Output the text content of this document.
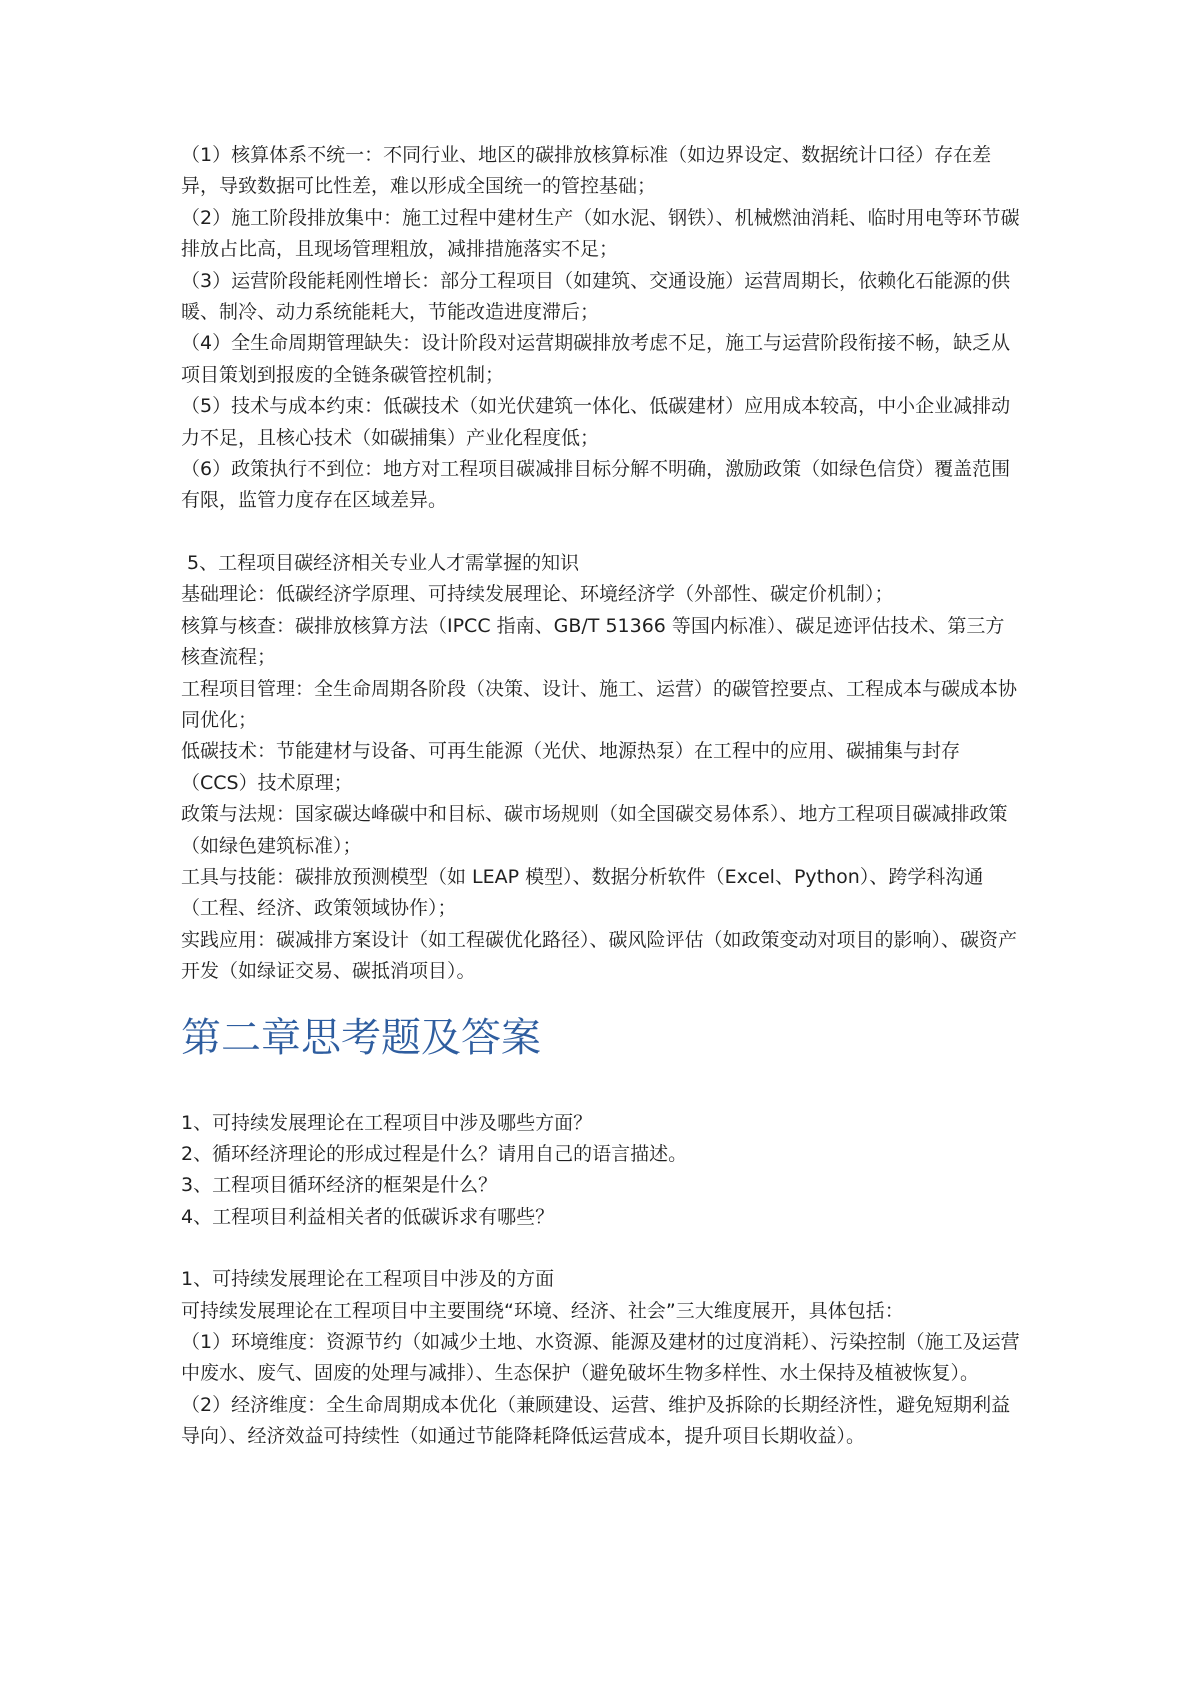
（1）核算体系不统一：不同行业、地区的碳排放核算标准（如边界设定、数据统计口径）存在差异，导致数据可比性差，难以形成全国统一的管控基础；

（2）施工阶段排放集中：施工过程中建材生产（如水泥、钢铁）、机械燃油消耗、临时用电等环节碳排放占比高，且现场管理粗放，减排措施落实不足；

（3）运营阶段能耗刚性增长：部分工程项目（如建筑、交通设施）运营周期长，依赖化石能源的供暖、制冷、动力系统能耗大，节能改造进度滞后；

（4）全生命周期管理缺失：设计阶段对运营期碳排放考虑不足，施工与运营阶段衔接不畅，缺乏从项目策划到报废的全链条碳管控机制；

（5）技术与成本约束：低碳技术（如光伏建筑一体化、低碳建材）应用成本较高，中小企业减排动力不足，且核心技术（如碳捕集）产业化程度低；

（6）政策执行不到位：地方对工程项目碳减排目标分解不明确，激励政策（如绿色信贷）覆盖范围有限，监管力度存在区域差异。

5、工程项目碳经济相关专业人才需掌握的知识

基础理论：低碳经济学原理、可持续发展理论、环境经济学（外部性、碳定价机制）；

核算与核查：碳排放核算方法（IPCC 指南、GB/T 51366 等国内标准）、碳足迹评估技术、第三方核查流程；

工程项目管理：全生命周期各阶段（决策、设计、施工、运营）的碳管控要点、工程成本与碳成本协同优化；

低碳技术：节能建材与设备、可再生能源（光伏、地源热泵）在工程中的应用、碳捕集与封存（CCS）技术原理；

政策与法规：国家碳达峰碳中和目标、碳市场规则（如全国碳交易体系）、地方工程项目碳减排政策（如绿色建筑标准）；

工具与技能：碳排放预测模型（如 LEAP 模型）、数据分析软件（Excel、Python）、跨学科沟通（工程、经济、政策领域协作）；

实践应用：碳减排方案设计（如工程碳优化路径）、碳风险评估（如政策变动对项目的影响）、碳资产开发（如绿证交易、碳抵消项目）。

第二章思考题及答案

1、可持续发展理论在工程项目中涉及哪些方面？

2、循环经济理论的形成过程是什么？请用自己的语言描述。

3、工程项目循环经济的框架是什么？

4、工程项目利益相关者的低碳诉求有哪些？

1、可持续发展理论在工程项目中涉及的方面

可持续发展理论在工程项目中主要围绕“环境、经济、社会”三大维度展开，具体包括：

（1）环境维度：资源节约（如减少土地、水资源、能源及建材的过度消耗）、污染控制（施工及运营中废水、废气、固废的处理与减排）、生态保护（避免破坏生物多样性、水土保持及植被恢复）。

（2）经济维度：全生命周期成本优化（兼顾建设、运营、维护及拆除的长期经济性，避免短期利益导向）、经济效益可持续性（如通过节能降耗降低运营成本，提升项目长期收益）。
